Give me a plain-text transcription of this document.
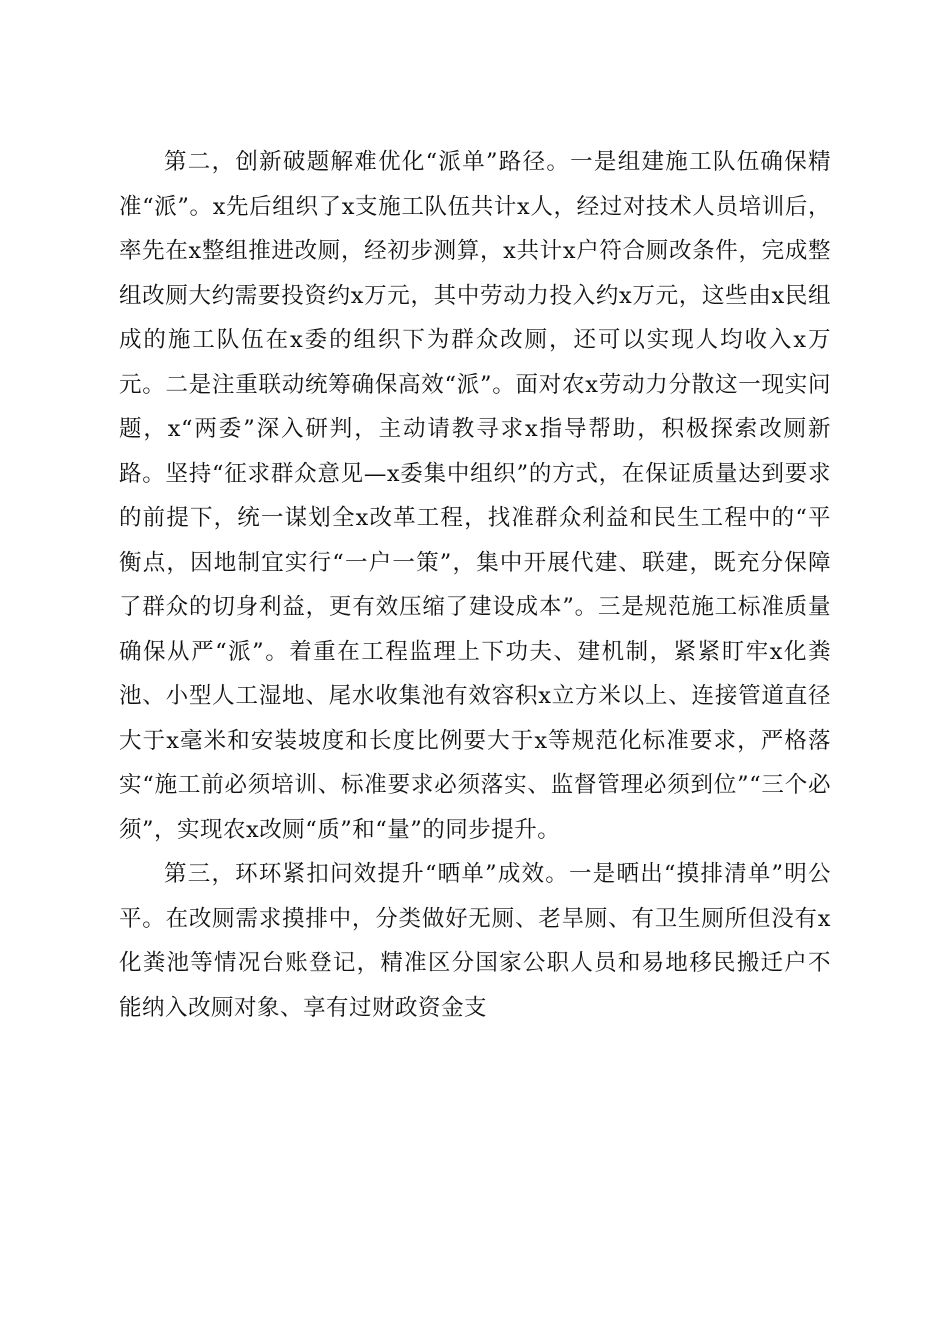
第二，创新破题解难优化“派单”路径。一是组建施工队伍确保精准“派”。x先后组织了x支施工队伍共计x人，经过对技术人员培训后，率先在x整组推进改厕，经初步测算，x共计x户符合厕改条件，完成整组改厕大约需要投资约x万元，其中劳动力投入约x万元，这些由x民组成的施工队伍在x委的组织下为群众改厕，还可以实现人均收入x万元。二是注重联动统筹确保高效“派”。面对农x劳动力分散这一现实问题，x“两委”深入研判，主动请教寻求x指导帮助，积极探索改厕新路。坚持“征求群众意见—x委集中组织”的方式，在保证质量达到要求的前提下，统一谋划全x改革工程，找准群众利益和民生工程中的“平衡点，因地制宜实行“一户一策”，集中开展代建、联建，既充分保障了群众的切身利益，更有效压缩了建设成本”。三是规范施工标准质量确保从严“派”。着重在工程监理上下功夫、建机制，紧紧盯牢x化粪池、小型人工湿地、尾水收集池有效容积x立方米以上、连接管道直径大于x毫米和安装坡度和长度比例要大于x等规范化标准要求，严格落实“施工前必须培训、标准要求必须落实、监督管理必须到位”“三个必须”，实现农x改厕“质”和“量”的同步提升。

第三，环环紧扣问效提升“晒单”成效。一是晒出“摸排清单”明公平。在改厕需求摸排中，分类做好无厕、老旱厕、有卫生厕所但没有x化粪池等情况台账登记，精准区分国家公职人员和易地移民搬迁户不能纳入改厕对象、享有过财政资金支
